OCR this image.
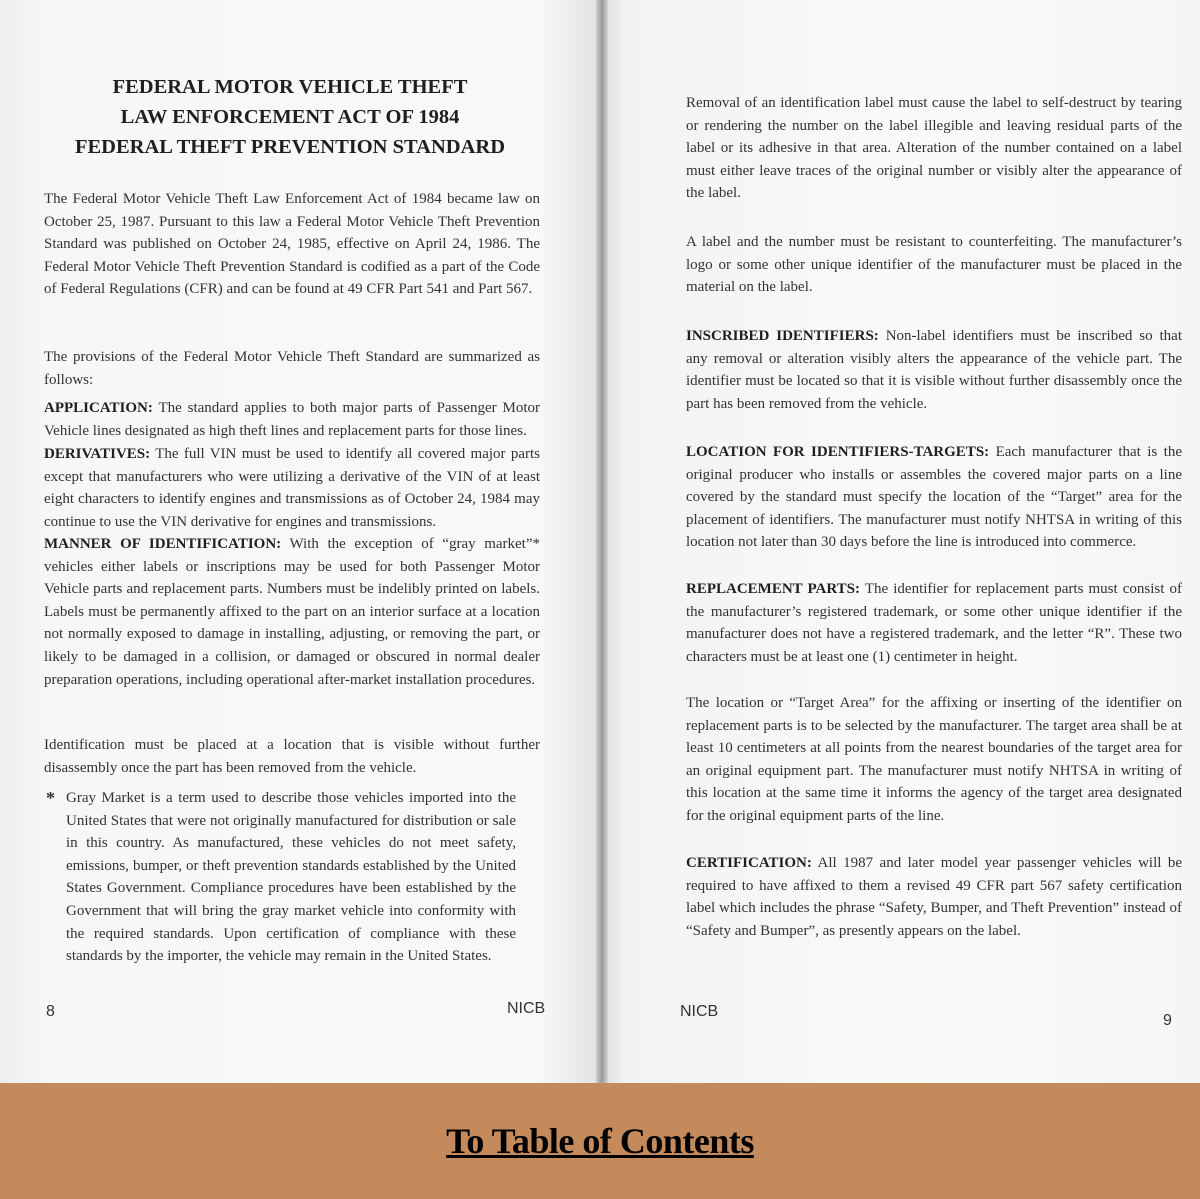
FEDERAL MOTOR VEHICLE THEFT
LAW ENFORCEMENT ACT OF 1984
FEDERAL THEFT PREVENTION STANDARD
The Federal Motor Vehicle Theft Law Enforcement Act of 1984 became law on October 25, 1987. Pursuant to this law a Federal Motor Vehicle Theft Prevention Standard was published on October 24, 1985, effective on April 24, 1986. The Federal Motor Vehicle Theft Prevention Standard is codified as a part of the Code of Federal Regulations (CFR) and can be found at 49 CFR Part 541 and Part 567.
The provisions of the Federal Motor Vehicle Theft Standard are summarized as follows:
APPLICATION: The standard applies to both major parts of Passenger Motor Vehicle lines designated as high theft lines and replacement parts for those lines.
DERIVATIVES: The full VIN must be used to identify all covered major parts except that manufacturers who were utilizing a derivative of the VIN of at least eight characters to identify engines and transmissions as of October 24, 1984 may continue to use the VIN derivative for engines and transmissions.
MANNER OF IDENTIFICATION: With the exception of “gray market”* vehicles either labels or inscriptions may be used for both Passenger Motor Vehicle parts and replacement parts. Numbers must be indelibly printed on labels. Labels must be permanently affixed to the part on an interior surface at a location not normally exposed to damage in installing, adjusting, or removing the part, or likely to be damaged in a collision, or damaged or obscured in normal dealer preparation operations, including operational after-market installation procedures.
Identification must be placed at a location that is visible without further disassembly once the part has been removed from the vehicle.
* Gray Market is a term used to describe those vehicles imported into the United States that were not originally manufactured for distribution or sale in this country. As manufactured, these vehicles do not meet safety, emissions, bumper, or theft prevention standards established by the United States Government. Compliance procedures have been established by the Government that will bring the gray market vehicle into conformity with the required standards. Upon certification of compliance with these standards by the importer, the vehicle may remain in the United States.
8	NICB
Removal of an identification label must cause the label to self-destruct by tearing or rendering the number on the label illegible and leaving residual parts of the label or its adhesive in that area. Alteration of the number contained on a label must either leave traces of the original number or visibly alter the appearance of the label.
A label and the number must be resistant to counterfeiting. The manufacturer’s logo or some other unique identifier of the manufacturer must be placed in the material on the label.
INSCRIBED IDENTIFIERS: Non-label identifiers must be inscribed so that any removal or alteration visibly alters the appearance of the vehicle part. The identifier must be located so that it is visible without further disassembly once the part has been removed from the vehicle.
LOCATION FOR IDENTIFIERS-TARGETS: Each manufacturer that is the original producer who installs or assembles the covered major parts on a line covered by the standard must specify the location of the “Target” area for the placement of identifiers. The manufacturer must notify NHTSA in writing of this location not later than 30 days before the line is introduced into commerce.
REPLACEMENT PARTS: The identifier for replacement parts must consist of the manufacturer’s registered trademark, or some other unique identifier if the manufacturer does not have a registered trademark, and the letter “R”. These two characters must be at least one (1) centimeter in height.
The location or “Target Area” for the affixing or inserting of the identifier on replacement parts is to be selected by the manufacturer. The target area shall be at least 10 centimeters at all points from the nearest boundaries of the target area for an original equipment part. The manufacturer must notify NHTSA in writing of this location at the same time it informs the agency of the target area designated for the original equipment parts of the line.
CERTIFICATION: All 1987 and later model year passenger vehicles will be required to have affixed to them a revised 49 CFR part 567 safety certification label which includes the phrase “Safety, Bumper, and Theft Prevention” instead of “Safety and Bumper”, as presently appears on the label.
NICB
9
To Table of Contents
